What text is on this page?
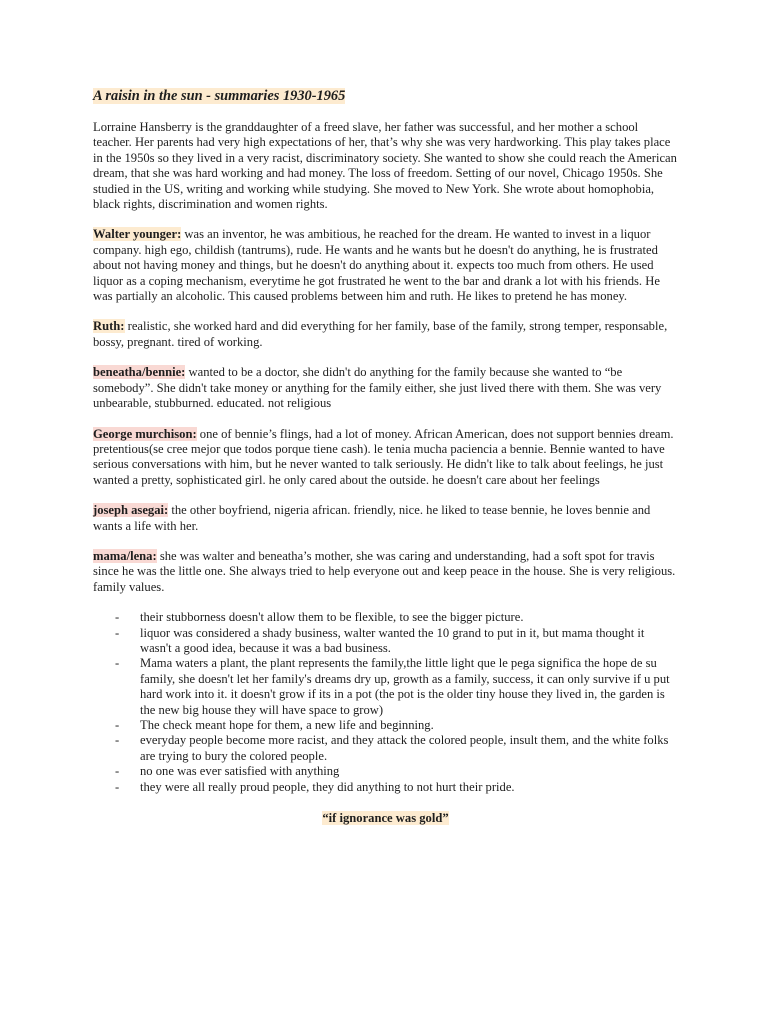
A raisin in the sun - summaries 1930-1965

Lorraine Hansberry is the granddaughter of a freed slave, her father was successful, and her mother a school teacher. Her parents had very high expectations of her, that’s why she was very hardworking. This play takes place in the 1950s so they lived in a very racist, discriminatory society. She wanted to show she could reach the American dream, that she was hard working and had money. The loss of freedom. Setting of our novel, Chicago 1950s. She studied in the US, writing and working while studying. She moved to New York. She wrote about homophobia, black rights, discrimination and women rights.

Walter younger: was an inventor, he was ambitious, he reached for the dream. He wanted to invest in a liquor company. high ego, childish (tantrums), rude. He wants and he wants but he doesn't do anything, he is frustrated about not having money and things, but he doesn't do anything about it. expects too much from others. He used liquor as a coping mechanism, everytime he got frustrated he went to the bar and drank a lot with his friends. He was partially an alcoholic. This caused problems between him and ruth. He likes to pretend he has money.

Ruth: realistic, she worked hard and did everything for her family, base of the family, strong temper, responsable, bossy, pregnant. tired of working.

beneatha/bennie: wanted to be a doctor, she didn't do anything for the family because she wanted to “be somebody”. She didn't take money or anything for the family either, she just lived there with them. She was very unbearable, stubburned. educated. not religious

George murchison: one of bennie’s flings, had a lot of money. African American, does not support bennies dream. pretentious(se cree mejor que todos porque tiene cash). le tenia mucha paciencia a bennie. Bennie wanted to have serious conversations with him, but he never wanted to talk seriously. He didn't like to talk about feelings, he just wanted a pretty, sophisticated girl. he only cared about the outside. he doesn't care about her feelings

joseph asegai: the other boyfriend, nigeria african. friendly, nice. he liked to tease bennie, he loves bennie and wants a life with her.

mama/lena: she was walter and beneatha’s mother, she was caring and understanding, had a soft spot for travis since he was the little one. She always tried to help everyone out and keep peace in the house. She is very religious. family values.

- their stubborness doesn't allow them to be flexible, to see the bigger picture.
- liquor was considered a shady business, walter wanted the 10 grand to put in it, but mama thought it wasn't a good idea, because it was a bad business.
- Mama waters a plant, the plant represents the family,the little light que le pega significa the hope de su family, she doesn't let her family's dreams dry up, growth as a family, success, it can only survive if u put hard work into it. it doesn't grow if its in a pot (the pot is the older tiny house they lived in, the garden is the new big house they will have space to grow)
- The check meant hope for them, a new life and beginning.
- everyday people become more racist, and they attack the colored people, insult them, and the white folks are trying to bury the colored people.
- no one was ever satisfied with anything
- they were all really proud people, they did anything to not hurt their pride.
“if ignorance was gold”
